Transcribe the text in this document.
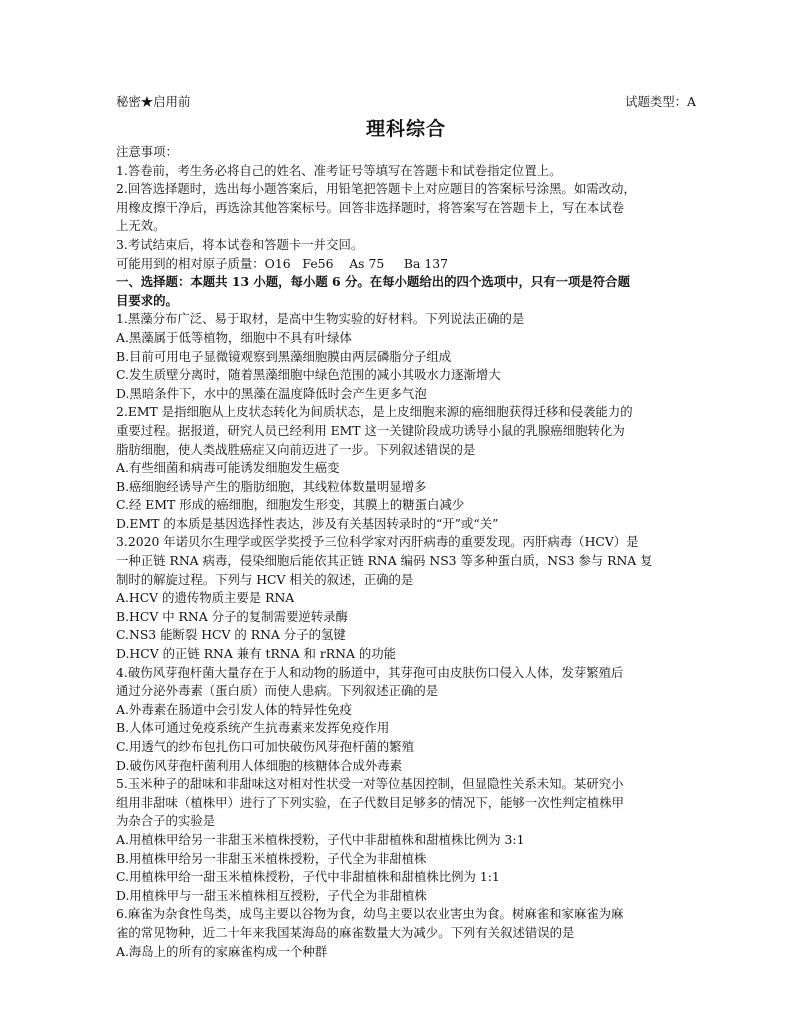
秘密★启用前	试题类型：A
理科综合
注意事项：
1.答卷前，考生务必将自己的姓名、准考证号等填写在答题卡和试卷指定位置上。
2.回答选择题时，选出每小题答案后，用铅笔把答题卡上对应题目的答案标号涂黑。如需改动，
用橡皮擦干净后，再选涂其他答案标号。回答非选择题时，将答案写在答题卡上，写在本试卷
上无效。
3.考试结束后，将本试卷和答题卡一并交回。
可能用到的相对原子质量：O16   Fe56    As 75     Ba 137
一、选择题：本题共 13 小题，每小题 6 分。在每小题给出的四个选项中，只有一项是符合题
目要求的。
1.黑藻分布广泛、易于取材，是高中生物实验的好材料。下列说法正确的是
A.黑藻属于低等植物，细胞中不具有叶绿体
B.目前可用电子显微镜观察到黑藻细胞膜由两层磷脂分子组成
C.发生质壁分离时，随着黑藻细胞中绿色范围的减小其吸水力逐渐增大
D.黑暗条件下，水中的黑藻在温度降低时会产生更多气泡
2.EMT 是指细胞从上皮状态转化为间质状态，是上皮细胞来源的癌细胞获得迁移和侵袭能力的
重要过程。据报道，研究人员已经利用 EMT 这一关键阶段成功诱导小鼠的乳腺癌细胞转化为
脂肪细胞，使人类战胜癌症又向前迈进了一步。下列叙述错误的是
A.有些细菌和病毒可能诱发细胞发生癌变
B.癌细胞经诱导产生的脂肪细胞，其线粒体数量明显增多
C.经 EMT 形成的癌细胞，细胞发生形变，其膜上的糖蛋白减少
D.EMT 的本质是基因选择性表达，涉及有关基因转录时的“开”或“关”
3.2020 年诺贝尔生理学或医学奖授予三位科学家对丙肝病毒的重要发现。丙肝病毒（HCV）是
一种正链 RNA 病毒，侵染细胞后能依其正链 RNA 编码 NS3 等多种蛋白质，NS3 参与 RNA 复
制时的解旋过程。下列与 HCV 相关的叙述，正确的是
A.HCV 的遗传物质主要是 RNA
B.HCV 中 RNA 分子的复制需要逆转录酶
C.NS3 能断裂 HCV 的 RNA 分子的氢键
D.HCV 的正链 RNA 兼有 tRNA 和 rRNA 的功能
4.破伤风芽孢杆菌大量存在于人和动物的肠道中，其芽孢可由皮肤伤口侵入人体，发芽繁殖后
通过分泌外毒素（蛋白质）而使人患病。下列叙述正确的是
A.外毒素在肠道中会引发人体的特异性免疫
B.人体可通过免疫系统产生抗毒素来发挥免疫作用
C.用透气的纱布包扎伤口可加快破伤风芽孢杆菌的繁殖
D.破伤风芽孢杆菌利用人体细胞的核糖体合成外毒素
5.玉米种子的甜味和非甜味这对相对性状受一对等位基因控制，但显隐性关系未知。某研究小
组用非甜味（植株甲）进行了下列实验，在子代数目足够多的情况下，能够一次性判定植株甲
为杂合子的实验是
A.用植株甲给另一非甜玉米植株授粉，子代中非甜植株和甜植株比例为 3:1
B.用植株甲给另一非甜玉米植株授粉，子代全为非甜植株
C.用植株甲给一甜玉米植株授粉，子代中非甜植株和甜植株比例为 1:1
D.用植株甲与一甜玉米植株相互授粉，子代全为非甜植株
6.麻雀为杂食性鸟类，成鸟主要以谷物为食，幼鸟主要以农业害虫为食。树麻雀和家麻雀为麻
雀的常见物种，近二十年来我国某海岛的麻雀数量大为减少。下列有关叙述错误的是
A.海岛上的所有的家麻雀构成一个种群
